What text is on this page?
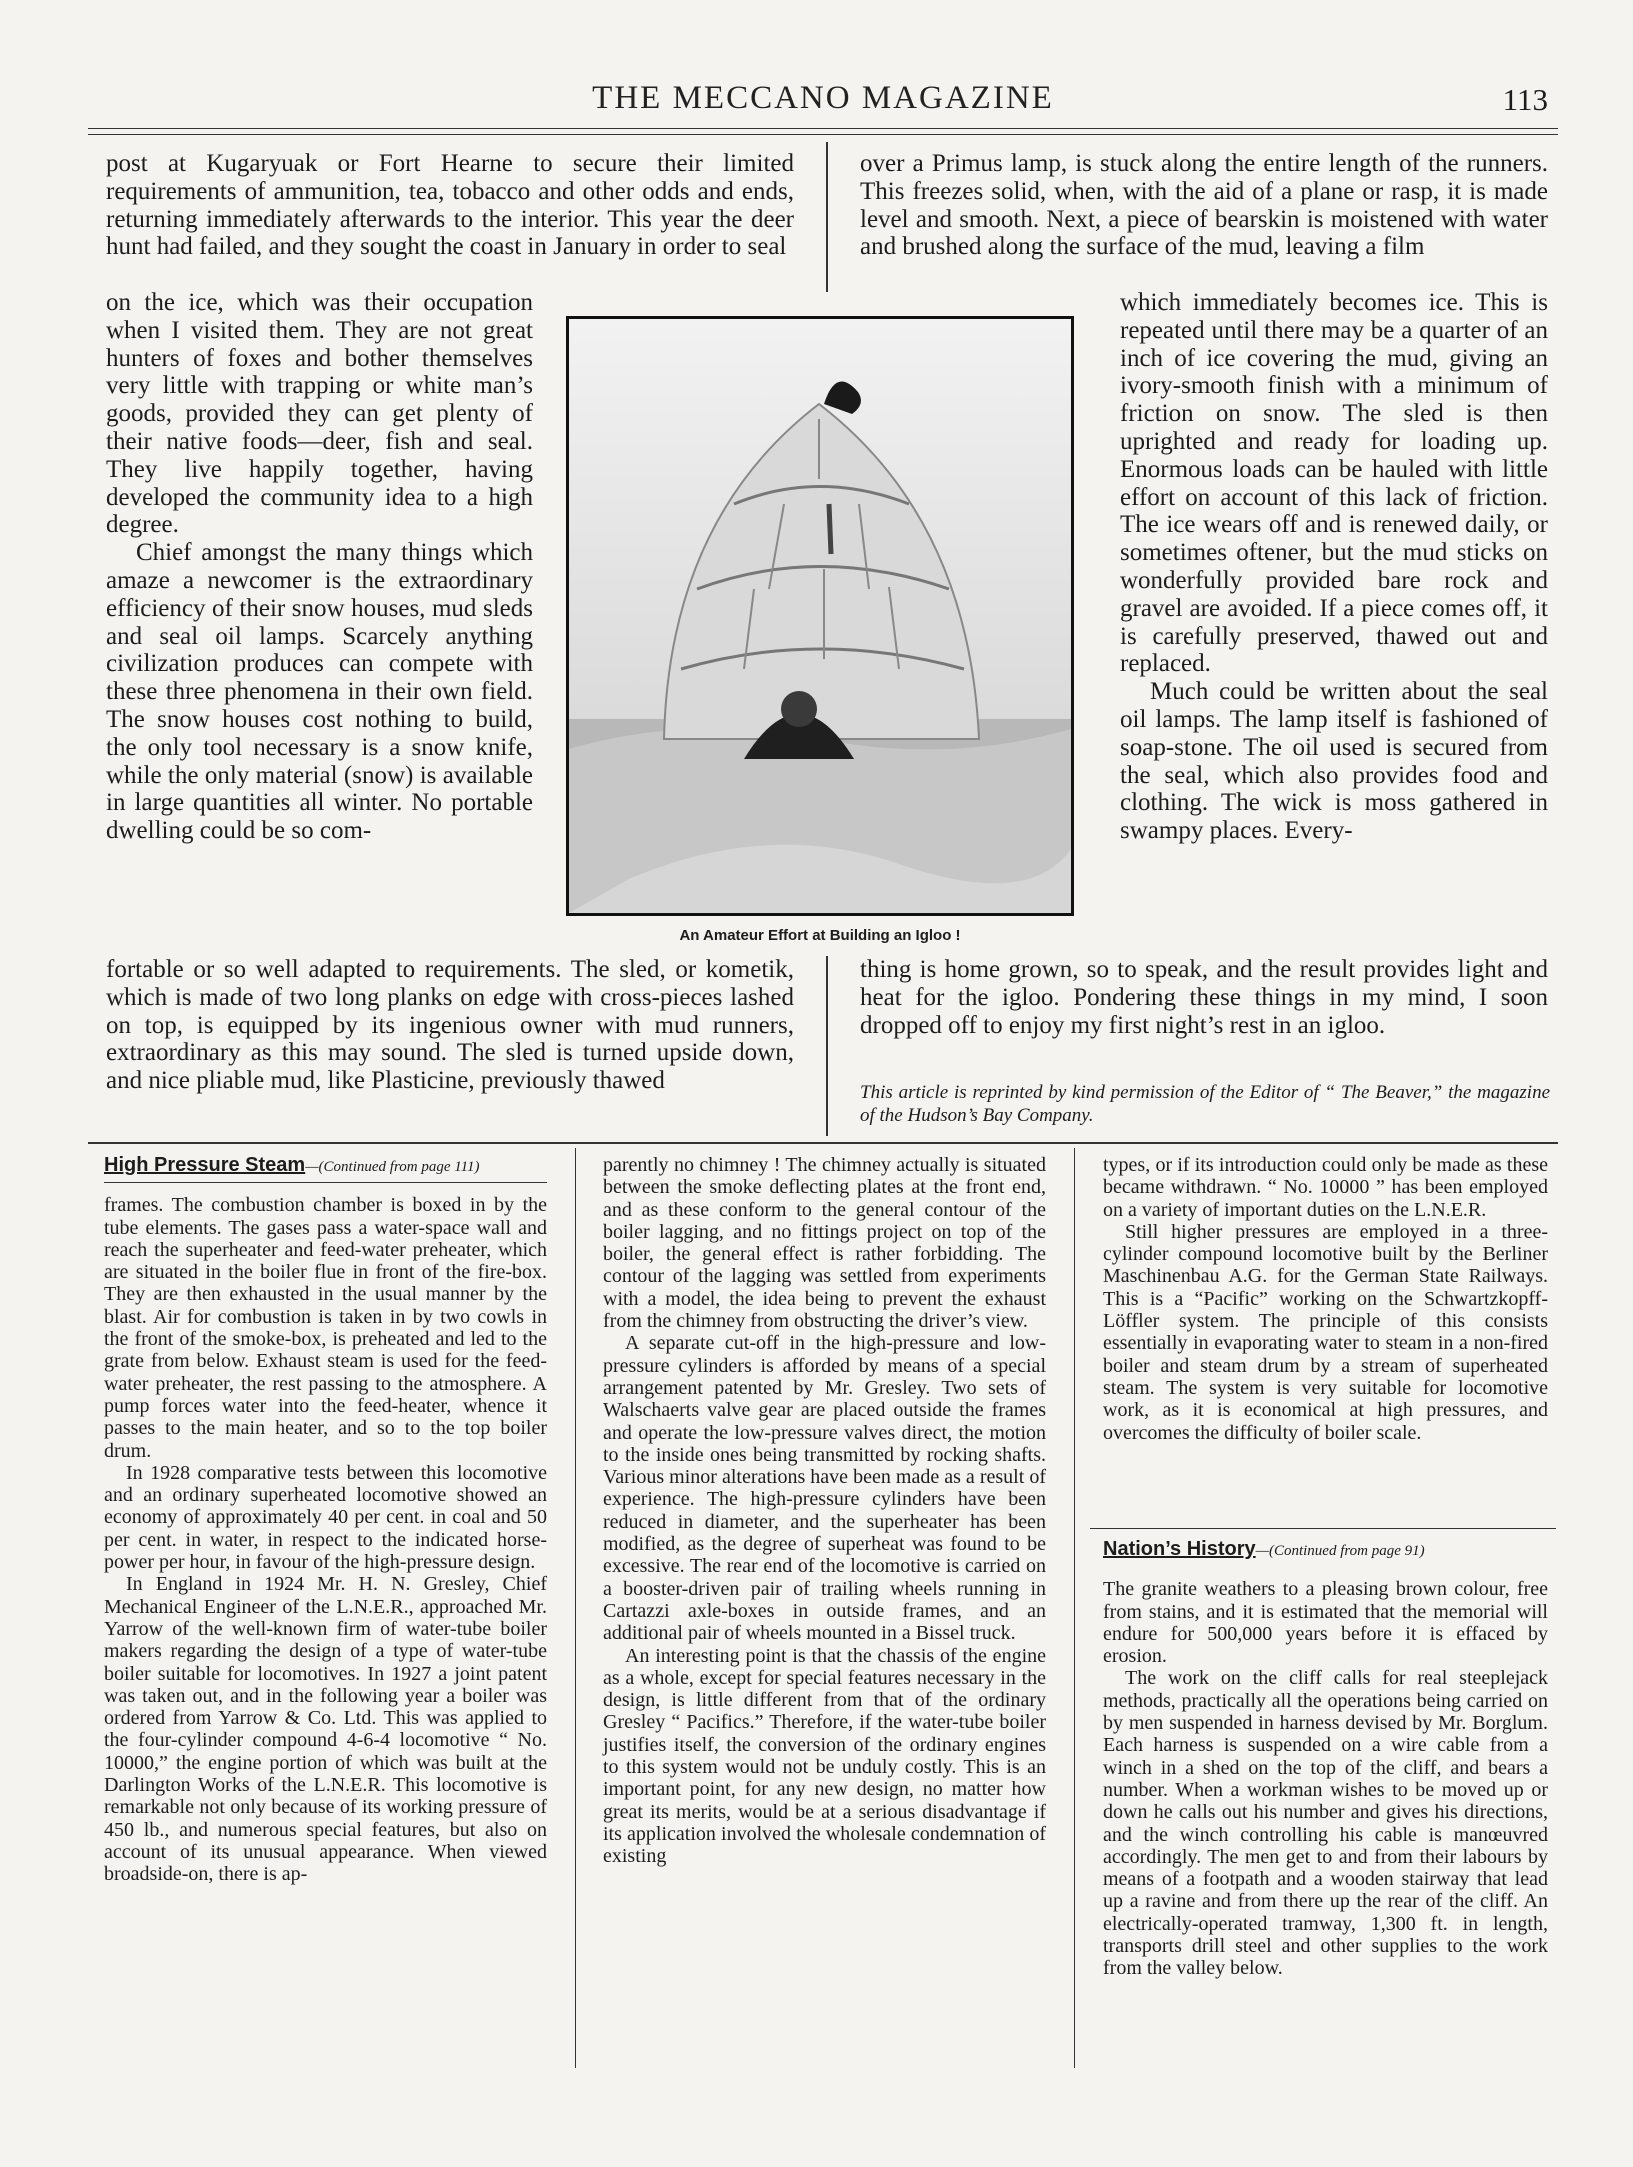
THE MECCANO MAGAZINE	113

post at Kugaryuak or Fort Hearne to secure their limited requirements of ammunition, tea, tobacco and other odds and ends, returning immediately afterwards to the interior. This year the deer hunt had failed, and they sought the coast in January in order to seal

on the ice, which was their occupation when I visited them. They are not great hunters of foxes and bother themselves very little with trapping or white man’s goods, provided they can get plenty of their native foods—deer, fish and seal. They live happily together, having developed the community idea to a high degree.

Chief amongst the many things which amaze a newcomer is the extraordinary efficiency of their snow houses, mud sleds and seal oil lamps. Scarcely anything civilization produces can compete with these three phenomena in their own field. The snow houses cost nothing to build, the only tool necessary is a snow knife, while the only material (snow) is available in large quantities all winter. No portable dwelling could be so com-

fortable or so well adapted to requirements. The sled, or kometik, which is made of two long planks on edge with cross-pieces lashed on top, is equipped by its ingenious owner with mud runners, extraordinary as this may sound. The sled is turned upside down, and nice pliable mud, like Plasticine, previously thawed

An Amateur Effort at Building an Igloo !

over a Primus lamp, is stuck along the entire length of the runners. This freezes solid, when, with the aid of a plane or rasp, it is made level and smooth. Next, a piece of bearskin is moistened with water and brushed along the surface of the mud, leaving a film

which immediately becomes ice. This is repeated until there may be a quarter of an inch of ice covering the mud, giving an ivory-smooth finish with a minimum of friction on snow. The sled is then uprighted and ready for loading up. Enormous loads can be hauled with little effort on account of this lack of friction. The ice wears off and is renewed daily, or sometimes oftener, but the mud sticks on wonderfully provided bare rock and gravel are avoided. If a piece comes off, it is carefully preserved, thawed out and replaced.

Much could be written about the seal oil lamps. The lamp itself is fashioned of soap-stone. The oil used is secured from the seal, which also provides food and clothing. The wick is moss gathered in swampy places. Every-

thing is home grown, so to speak, and the result provides light and heat for the igloo. Pondering these things in my mind, I soon dropped off to enjoy my first night’s rest in an igloo.

This article is reprinted by kind permission of the Editor of “ The Beaver,” the magazine of the Hudson’s Bay Company.
High Pressure Steam—(Continued from page 111)

frames. The combustion chamber is boxed in by the tube elements. The gases pass a water-space wall and reach the superheater and feed-water preheater, which are situated in the boiler flue in front of the fire-box. They are then exhausted in the usual manner by the blast. Air for combustion is taken in by two cowls in the front of the smoke-box, is preheated and led to the grate from below. Exhaust steam is used for the feed-water preheater, the rest passing to the atmosphere. A pump forces water into the feed-heater, whence it passes to the main heater, and so to the top boiler drum.

In 1928 comparative tests between this locomotive and an ordinary superheated locomotive showed an economy of approximately 40 per cent. in coal and 50 per cent. in water, in respect to the indicated horse-power per hour, in favour of the high-pressure design.

In England in 1924 Mr. H. N. Gresley, Chief Mechanical Engineer of the L.N.E.R., approached Mr. Yarrow of the well-known firm of water-tube boiler makers regarding the design of a type of water-tube boiler suitable for locomotives. In 1927 a joint patent was taken out, and in the following year a boiler was ordered from Yarrow & Co. Ltd. This was applied to the four-cylinder compound 4-6-4 locomotive “ No. 10000,” the engine portion of which was built at the Darlington Works of the L.N.E.R. This locomotive is remarkable not only because of its working pressure of 450 lb., and numerous special features, but also on account of its unusual appearance. When viewed broadside-on, there is ap-

parently no chimney ! The chimney actually is situated between the smoke deflecting plates at the front end, and as these conform to the general contour of the boiler lagging, and no fittings project on top of the boiler, the general effect is rather forbidding. The contour of the lagging was settled from experiments with a model, the idea being to prevent the exhaust from the chimney from obstructing the driver’s view.

A separate cut-off in the high-pressure and low-pressure cylinders is afforded by means of a special arrangement patented by Mr. Gresley. Two sets of Walschaerts valve gear are placed outside the frames and operate the low-pressure valves direct, the motion to the inside ones being transmitted by rocking shafts. Various minor alterations have been made as a result of experience. The high-pressure cylinders have been reduced in diameter, and the superheater has been modified, as the degree of superheat was found to be excessive. The rear end of the locomotive is carried on a booster-driven pair of trailing wheels running in Cartazzi axle-boxes in outside frames, and an additional pair of wheels mounted in a Bissel truck.

An interesting point is that the chassis of the engine as a whole, except for special features necessary in the design, is little different from that of the ordinary Gresley “ Pacifics.” Therefore, if the water-tube boiler justifies itself, the conversion of the ordinary engines to this system would not be unduly costly. This is an important point, for any new design, no matter how great its merits, would be at a serious disadvantage if its application involved the wholesale condemnation of existing

types, or if its introduction could only be made as these became withdrawn. “ No. 10000 ” has been employed on a variety of important duties on the L.N.E.R.

Still higher pressures are employed in a three-cylinder compound locomotive built by the Berliner Maschinenbau A.G. for the German State Railways. This is a “Pacific” working on the Schwartzkopff-Löffler system. The principle of this consists essentially in evaporating water to steam in a non-fired boiler and steam drum by a stream of superheated steam. The system is very suitable for locomotive work, as it is economical at high pressures, and overcomes the difficulty of boiler scale.

Nation’s History—(Continued from page 91)

The granite weathers to a pleasing brown colour, free from stains, and it is estimated that the memorial will endure for 500,000 years before it is effaced by erosion.

The work on the cliff calls for real steeplejack methods, practically all the operations being carried on by men suspended in harness devised by Mr. Borglum. Each harness is suspended on a wire cable from a winch in a shed on the top of the cliff, and bears a number. When a workman wishes to be moved up or down he calls out his number and gives his directions, and the winch controlling his cable is manœuvred accordingly. The men get to and from their labours by means of a footpath and a wooden stairway that lead up a ravine and from there up the rear of the cliff. An electrically-operated tramway, 1,300 ft. in length, transports drill steel and other supplies to the work from the valley below.
